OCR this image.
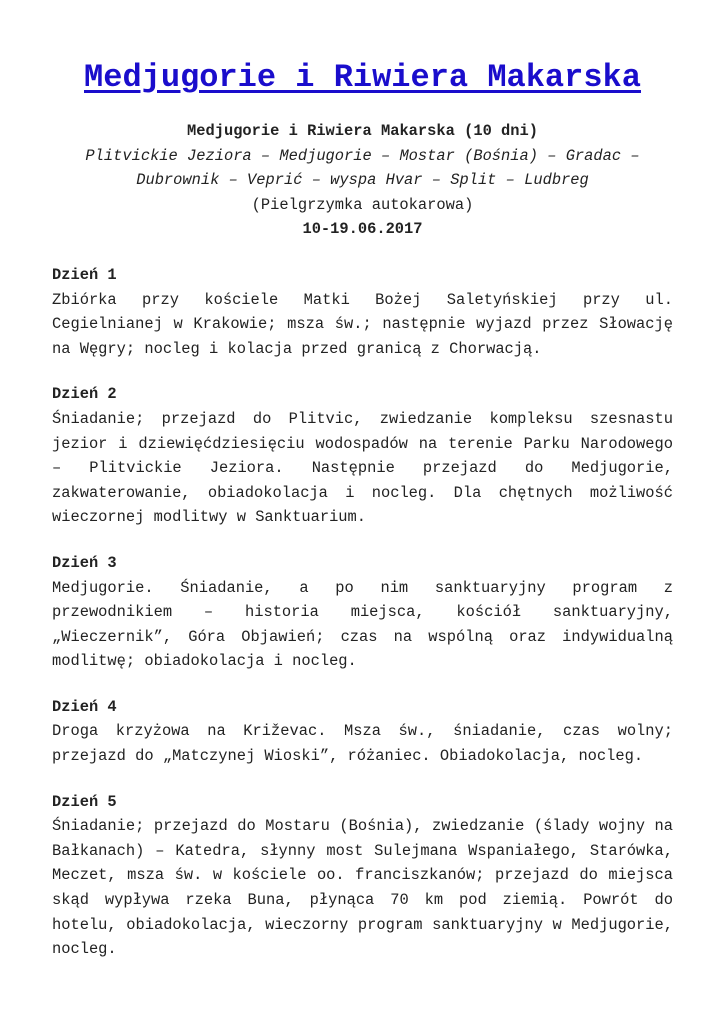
Medjugorie i Riwiera Makarska
Medjugorie i Riwiera Makarska (10 dni)
Plitvickie Jeziora – Medjugorie – Mostar (Bośnia) – Gradac – Dubrownik – Veprić – wyspa Hvar – Split – Ludbreg
(Pielgrzymka autokarowa)
10-19.06.2017
Dzień 1
Zbiórka przy kościele Matki Bożej Saletyńskiej przy ul. Cegielnianej w Krakowie; msza św.; następnie wyjazd przez Słowację na Węgry; nocleg i kolacja przed granicą z Chorwacją.
Dzień 2
Śniadanie; przejazd do Plitvic, zwiedzanie kompleksu szesnastu jezior i dziewięćdziesięciu wodospadów na terenie Parku Narodowego – Plitvickie Jeziora. Następnie przejazd do Medjugorie, zakwaterowanie, obiadokolacja i nocleg. Dla chętnych możliwość wieczornej modlitwy w Sanktuarium.
Dzień 3
Medjugorie. Śniadanie, a po nim sanktuaryjny program z przewodnikiem – historia miejsca, kościół sanktuaryjny, „Wieczernik”, Góra Objawień; czas na wspólną oraz indywidualną modlitwę; obiadokolacja i nocleg.
Dzień 4
Droga krzyżowa na Križevac. Msza św., śniadanie, czas wolny; przejazd do „Matczynej Wioski”, różaniec. Obiadokolacja, nocleg.
Dzień 5
Śniadanie; przejazd do Mostaru (Bośnia), zwiedzanie (ślady wojny na Bałkanach) – Katedra, słynny most Sulejmana Wspaniałego, Starówka, Meczet, msza św. w kościele oo. franciszkanów; przejazd do miejsca skąd wypływa rzeka Buna, płynąca 70 km pod ziemią. Powrót do hotelu, obiadokolacja, wieczorny program sanktuaryjny w Medjugorie, nocleg.
